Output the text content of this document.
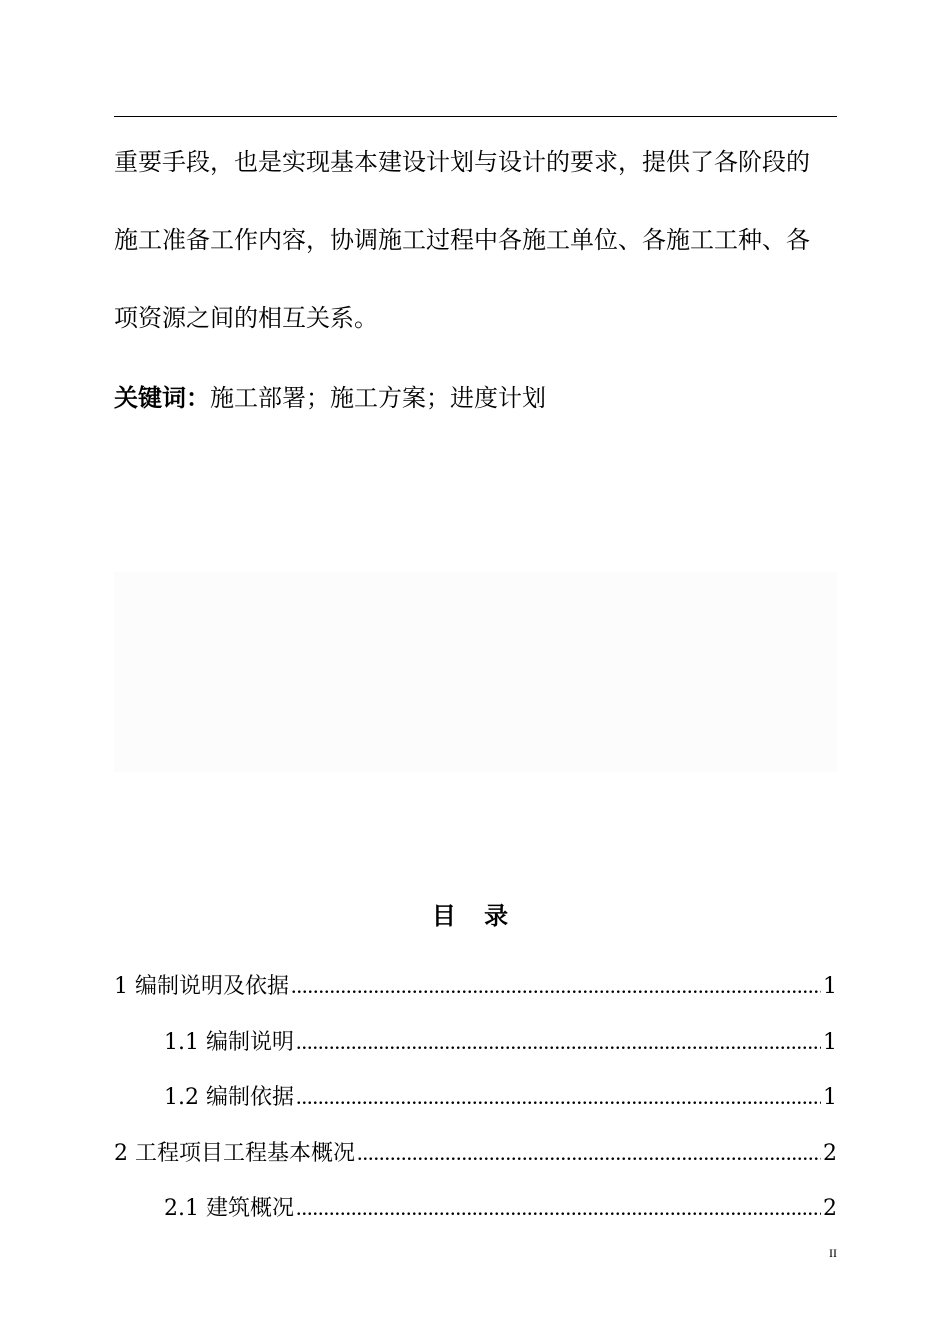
重要手段，也是实现基本建设计划与设计的要求，提供了各阶段的
施工准备工作内容，协调施工过程中各施工单位、各施工工种、各
项资源之间的相互关系。
关键词：施工部署；施工方案；进度计划
目 录
1 编制说明及依据 .....	1
1.1 编制说明 .....	1
1.2 编制依据 .....	1
2 工程项目工程基本概况 .....	2
2.1 建筑概况 .....	2
II
